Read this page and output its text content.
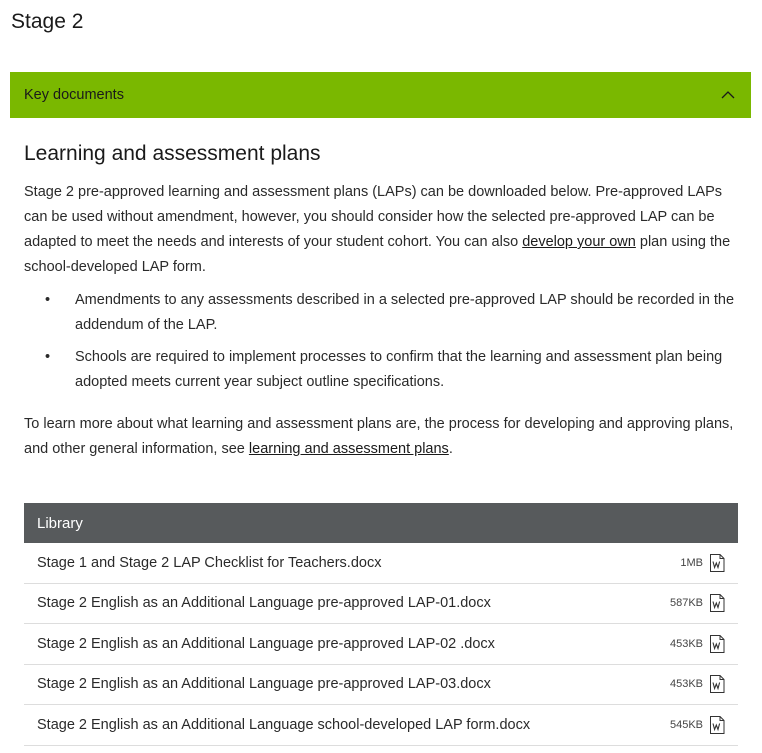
Stage 2
Key documents
Learning and assessment plans

Stage 2 pre-approved learning and assessment plans (LAPs) can be downloaded below. Pre-approved LAPs can be used without amendment, however, you should consider how the selected pre-approved LAP can be adapted to meet the needs and interests of your student cohort. You can also develop your own plan using the school-developed LAP form.

• Amendments to any assessments described in a selected pre-approved LAP should be recorded in the addendum of the LAP.
• Schools are required to implement processes to confirm that the learning and assessment plan being adopted meets current year subject outline specifications.

To learn more about what learning and assessment plans are, the process for developing and approving plans, and other general information, see learning and assessment plans.

Library
Stage 1 and Stage 2 LAP Checklist for Teachers.docx	1MB
Stage 2 English as an Additional Language pre-approved LAP-01.docx	587KB
Stage 2 English as an Additional Language pre-approved LAP-02 .docx	453KB
Stage 2 English as an Additional Language pre-approved LAP-03.docx	453KB
Stage 2 English as an Additional Language school-developed LAP form.docx	545KB
